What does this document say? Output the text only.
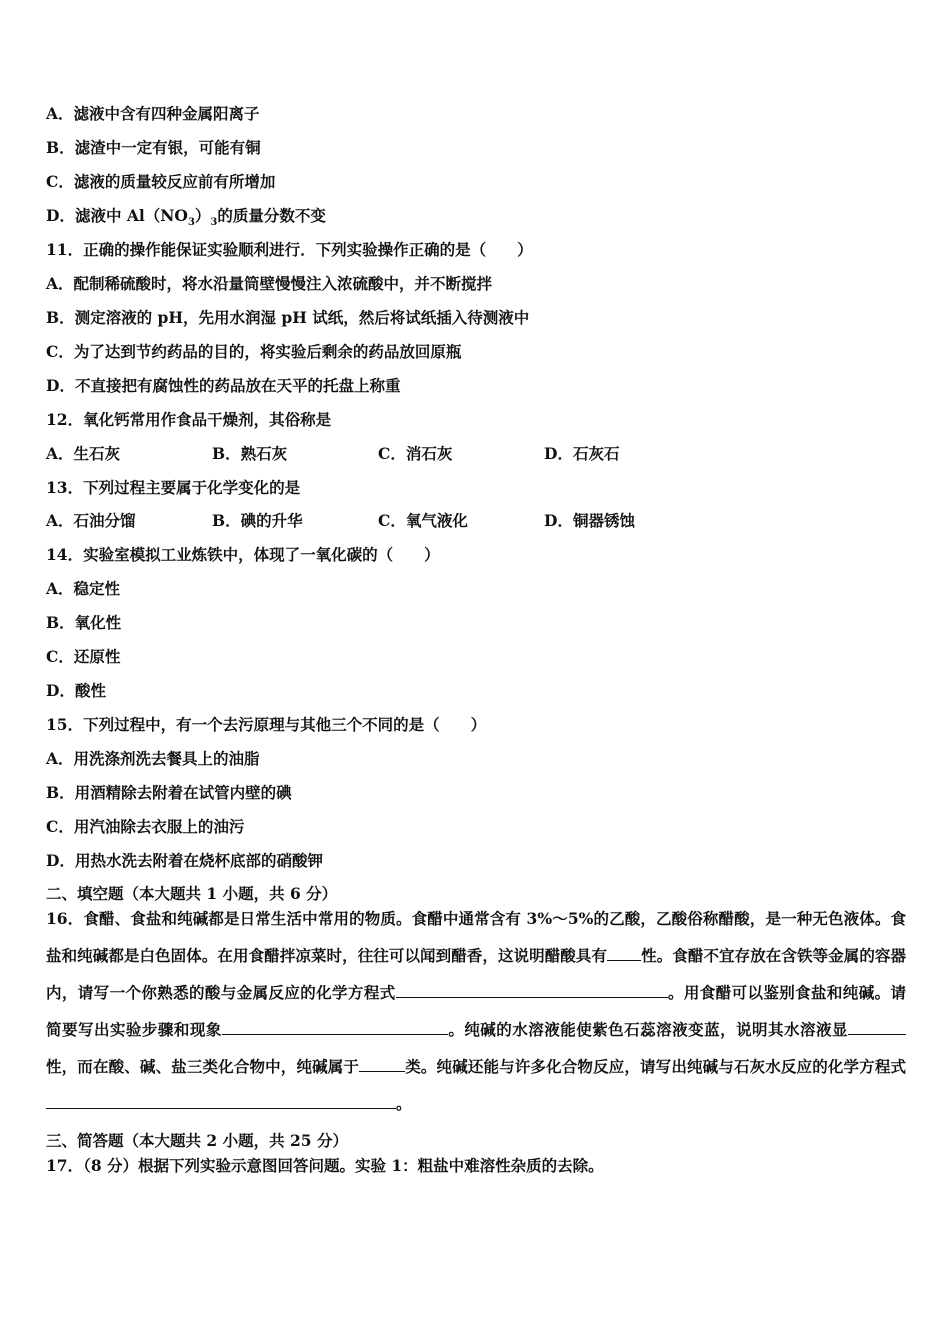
A．滤液中含有四种金属阳离子
B．滤渣中一定有银，可能有铜
C．滤液的质量较反应前有所增加
D．滤液中 $Al(NO_3)_3$的质量分数不变
11．正确的操作能保证实验顺利进行．下列实验操作正确的是（　　）
A．配制稀硫酸时，将水沿量筒壁慢慢注入浓硫酸中，并不断搅拌
B．测定溶液的 pH，先用水润湿 pH 试纸，然后将试纸插入待测液中
C．为了达到节约药品的目的，将实验后剩余的药品放回原瓶
D．不直接把有腐蚀性的药品放在天平的托盘上称重
12．氧化钙常用作食品干燥剂，其俗称是
A．生石灰	B．熟石灰	C．消石灰	D．石灰石
13．下列过程主要属于化学变化的是
A．石油分馏	B．碘的升华	C．氧气液化	D．铜器锈蚀
14．实验室模拟工业炼铁中，体现了一氧化碳的（　　）
A．稳定性
B．氧化性
C．还原性
D．酸性
15．下列过程中，有一个去污原理与其他三个不同的是（　　）
A．用洗涤剂洗去餐具上的油脂
B．用酒精除去附着在试管内壁的碘
C．用汽油除去衣服上的油污
D．用热水洗去附着在烧杯底部的硝酸钾
二、填空题（本大题共 1 小题，共 6 分）
16．食醋、食盐和纯碱都是日常生活中常用的物质。食醋中通常含有 3%～5%的乙酸，乙酸俗称醋酸，是一种无色液体。食盐和纯碱都是白色固体。在用食醋拌凉菜时，往往可以闻到醋香，这说明醋酸具有 性。食醋不宜存放在含铁等金属的容器内，请写一个你熟悉的酸与金属反应的化学方程式	。用食醋可以鉴别食盐和纯碱。请简要写出实验步骤和现象	。纯碱的水溶液能使紫色石蕊溶液变蓝，说明其水溶液显性，而在酸、碱、盐三类化合物中，纯碱属于	类。纯碱还能与许多化合物反应，请写出纯碱与石灰水反应的化学方程式。
三、简答题（本大题共 2 小题，共 25 分）
17．（8 分）根据下列实验示意图回答问题。实验 1：粗盐中难溶性杂质的去除。
